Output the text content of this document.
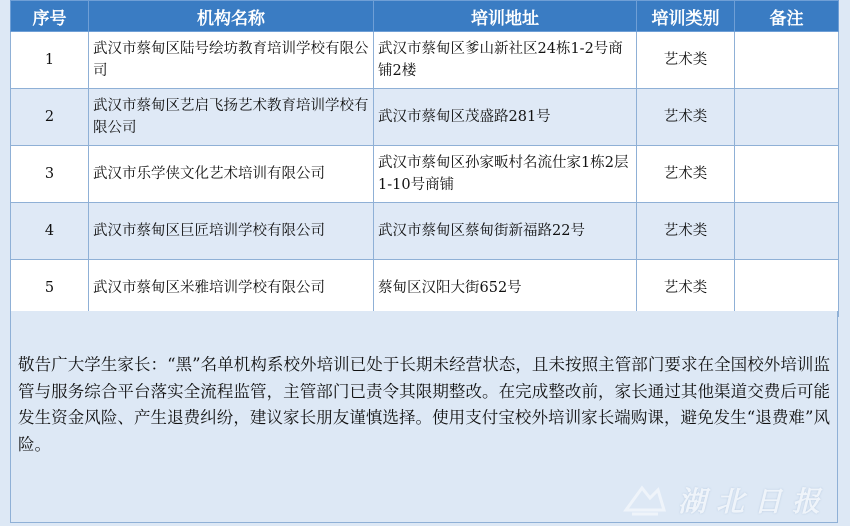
序号	机构名称	培训地址	培训类别	备注
1	武汉市蔡甸区陆号绘坊教育培训学校有限公司	武汉市蔡甸区爹山新社区24栋1-2号商铺2楼	艺术类	
2	武汉市蔡甸区艺启飞扬艺术教育培训学校有限公司	武汉市蔡甸区茂盛路281号	艺术类	
3	武汉市乐学侠文化艺术培训有限公司	武汉市蔡甸区孙家畈村名流仕家1栋2层1-10号商铺	艺术类	
4	武汉市蔡甸区巨匠培训学校有限公司	武汉市蔡甸区蔡甸街新福路22号	艺术类	
5	武汉市蔡甸区米雅培训学校有限公司	蔡甸区汉阳大街652号	艺术类	

敬告广大学生家长：“黑”名单机构系校外培训已处于长期未经营状态，且未按照主管部门要求在全国校外培训监管与服务综合平台落实全流程监管，主管部门已责令其限期整改。在完成整改前，家长通过其他渠道交费后可能发生资金风险、产生退费纠纷，建议家长朋友谨慎选择。使用支付宝校外培训家长端购课，避免发生“退费难”风险。

湖北日报
